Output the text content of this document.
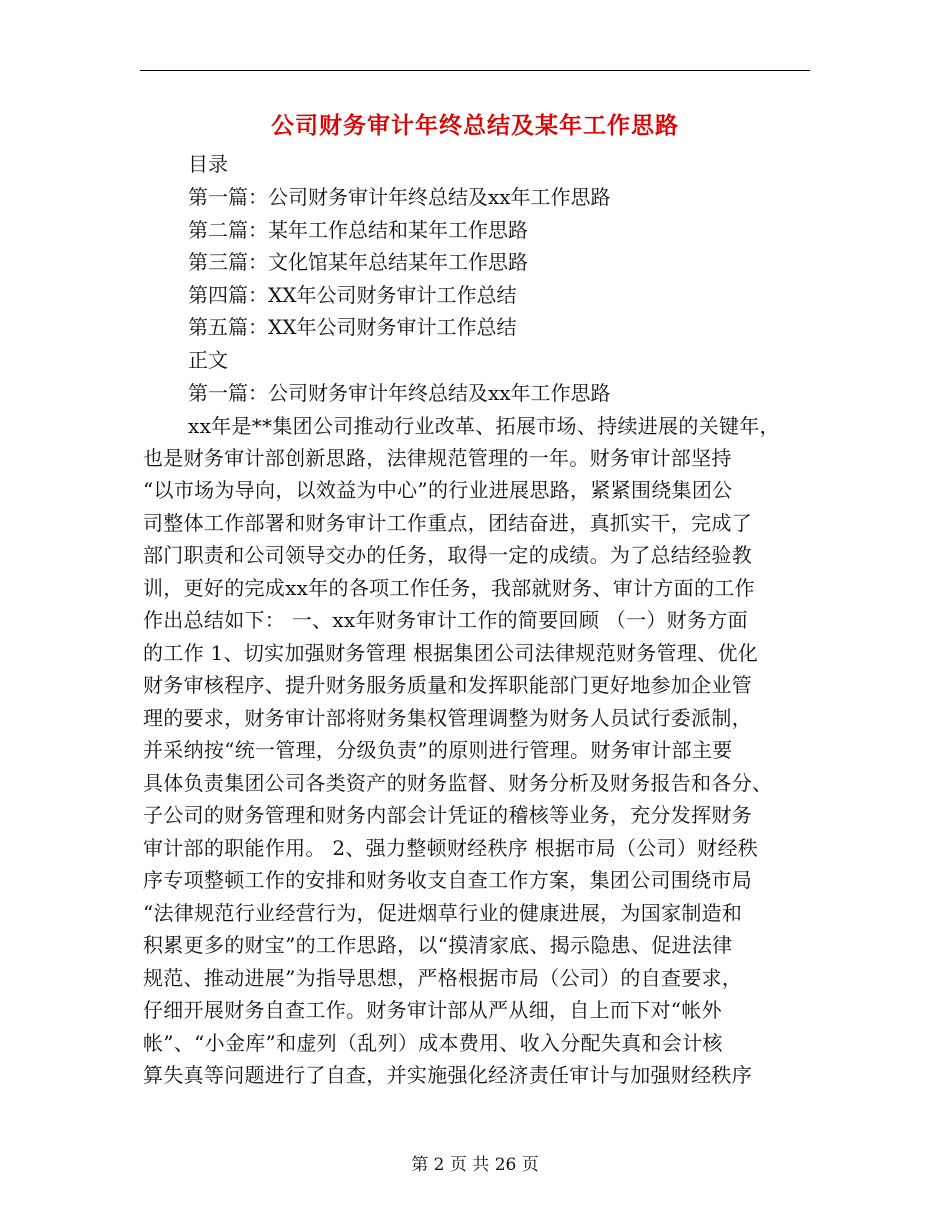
公司财务审计年终总结及某年工作思路
目录
第一篇：公司财务审计年终总结及xx年工作思路
第二篇：某年工作总结和某年工作思路
第三篇：文化馆某年总结某年工作思路
第四篇：XX年公司财务审计工作总结
第五篇：XX年公司财务审计工作总结
正文
第一篇：公司财务审计年终总结及xx年工作思路
xx年是**集团公司推动行业改革、拓展市场、持续进展的关键年，
也是财务审计部创新思路，法律规范管理的一年。财务审计部坚持
“以市场为导向，以效益为中心”的行业进展思路，紧紧围绕集团公
司整体工作部署和财务审计工作重点，团结奋进，真抓实干，完成了
部门职责和公司领导交办的任务，取得一定的成绩。为了总结经验教
训，更好的完成xx年的各项工作任务，我部就财务、审计方面的工作
作出总结如下： 一、xx年财务审计工作的简要回顾 （一）财务方面
的工作 1、切实加强财务管理 根据集团公司法律规范财务管理、优化
财务审核程序、提升财务服务质量和发挥职能部门更好地参加企业管
理的要求，财务审计部将财务集权管理调整为财务人员试行委派制，
并采纳按“统一管理，分级负责”的原则进行管理。财务审计部主要
具体负责集团公司各类资产的财务监督、财务分析及财务报告和各分、
子公司的财务管理和财务内部会计凭证的稽核等业务，充分发挥财务
审计部的职能作用。 2、强力整顿财经秩序 根据市局（公司）财经秩
序专项整顿工作的安排和财务收支自查工作方案，集团公司围绕市局
“法律规范行业经营行为，促进烟草行业的健康进展，为国家制造和
积累更多的财宝”的工作思路，以“摸清家底、揭示隐患、促进法律
规范、推动进展”为指导思想，严格根据市局（公司）的自查要求，
仔细开展财务自查工作。财务审计部从严从细，自上而下对“帐外
帐”、“小金库”和虚列（乱列）成本费用、收入分配失真和会计核
算失真等问题进行了自查，并实施强化经济责任审计与加强财经秩序
第 2 页 共 26 页
